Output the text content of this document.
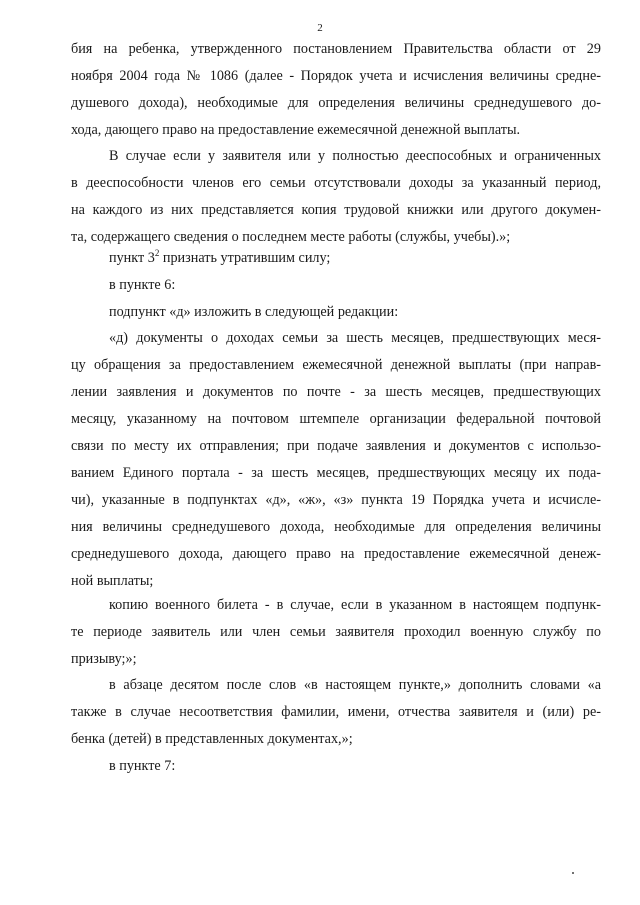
2
бия на ребенка, утвержденного постановлением Правительства области от 29
ноября 2004 года № 1086 (далее - Порядок учета и исчисления величины средне-
душевого дохода), необходимые для определения величины среднедушевого до-
хода, дающего право на предоставление ежемесячной денежной выплаты.
В случае если у заявителя или у полностью дееспособных и ограниченных
в дееспособности членов его семьи отсутствовали доходы за указанный период,
на каждого из них представляется копия трудовой книжки или другого докумен-
та, содержащего сведения о последнем месте работы (службы, учебы).»;
пункт $3^2$ признать утратившим силу;
в пункте 6:
подпункт «д» изложить в следующей редакции:
«д) документы о доходах семьи за шесть месяцев, предшествующих меся-
цу обращения за предоставлением ежемесячной денежной выплаты (при направ-
лении заявления и документов по почте - за шесть месяцев, предшествующих
месяцу, указанному на почтовом штемпеле организации федеральной почтовой
связи по месту их отправления; при подаче заявления и документов с использо-
ванием Единого портала - за шесть месяцев, предшествующих месяцу их пода-
чи), указанные в подпунктах «д», «ж», «з» пункта 19 Порядка учета и исчисле-
ния величины среднедушевого дохода, необходимые для определения величины
среднедушевого дохода, дающего право на предоставление ежемесячной денеж-
ной выплаты;
копию военного билета - в случае, если в указанном в настоящем подпунк-
те периоде заявитель или член семьи заявителя проходил военную службу по
призыву;»;
в абзаце десятом после слов «в настоящем пункте,» дополнить словами «а
также в случае несоответствия фамилии, имени, отчества заявителя и (или) ре-
бенка (детей) в представленных документах,»;
в пункте 7:
